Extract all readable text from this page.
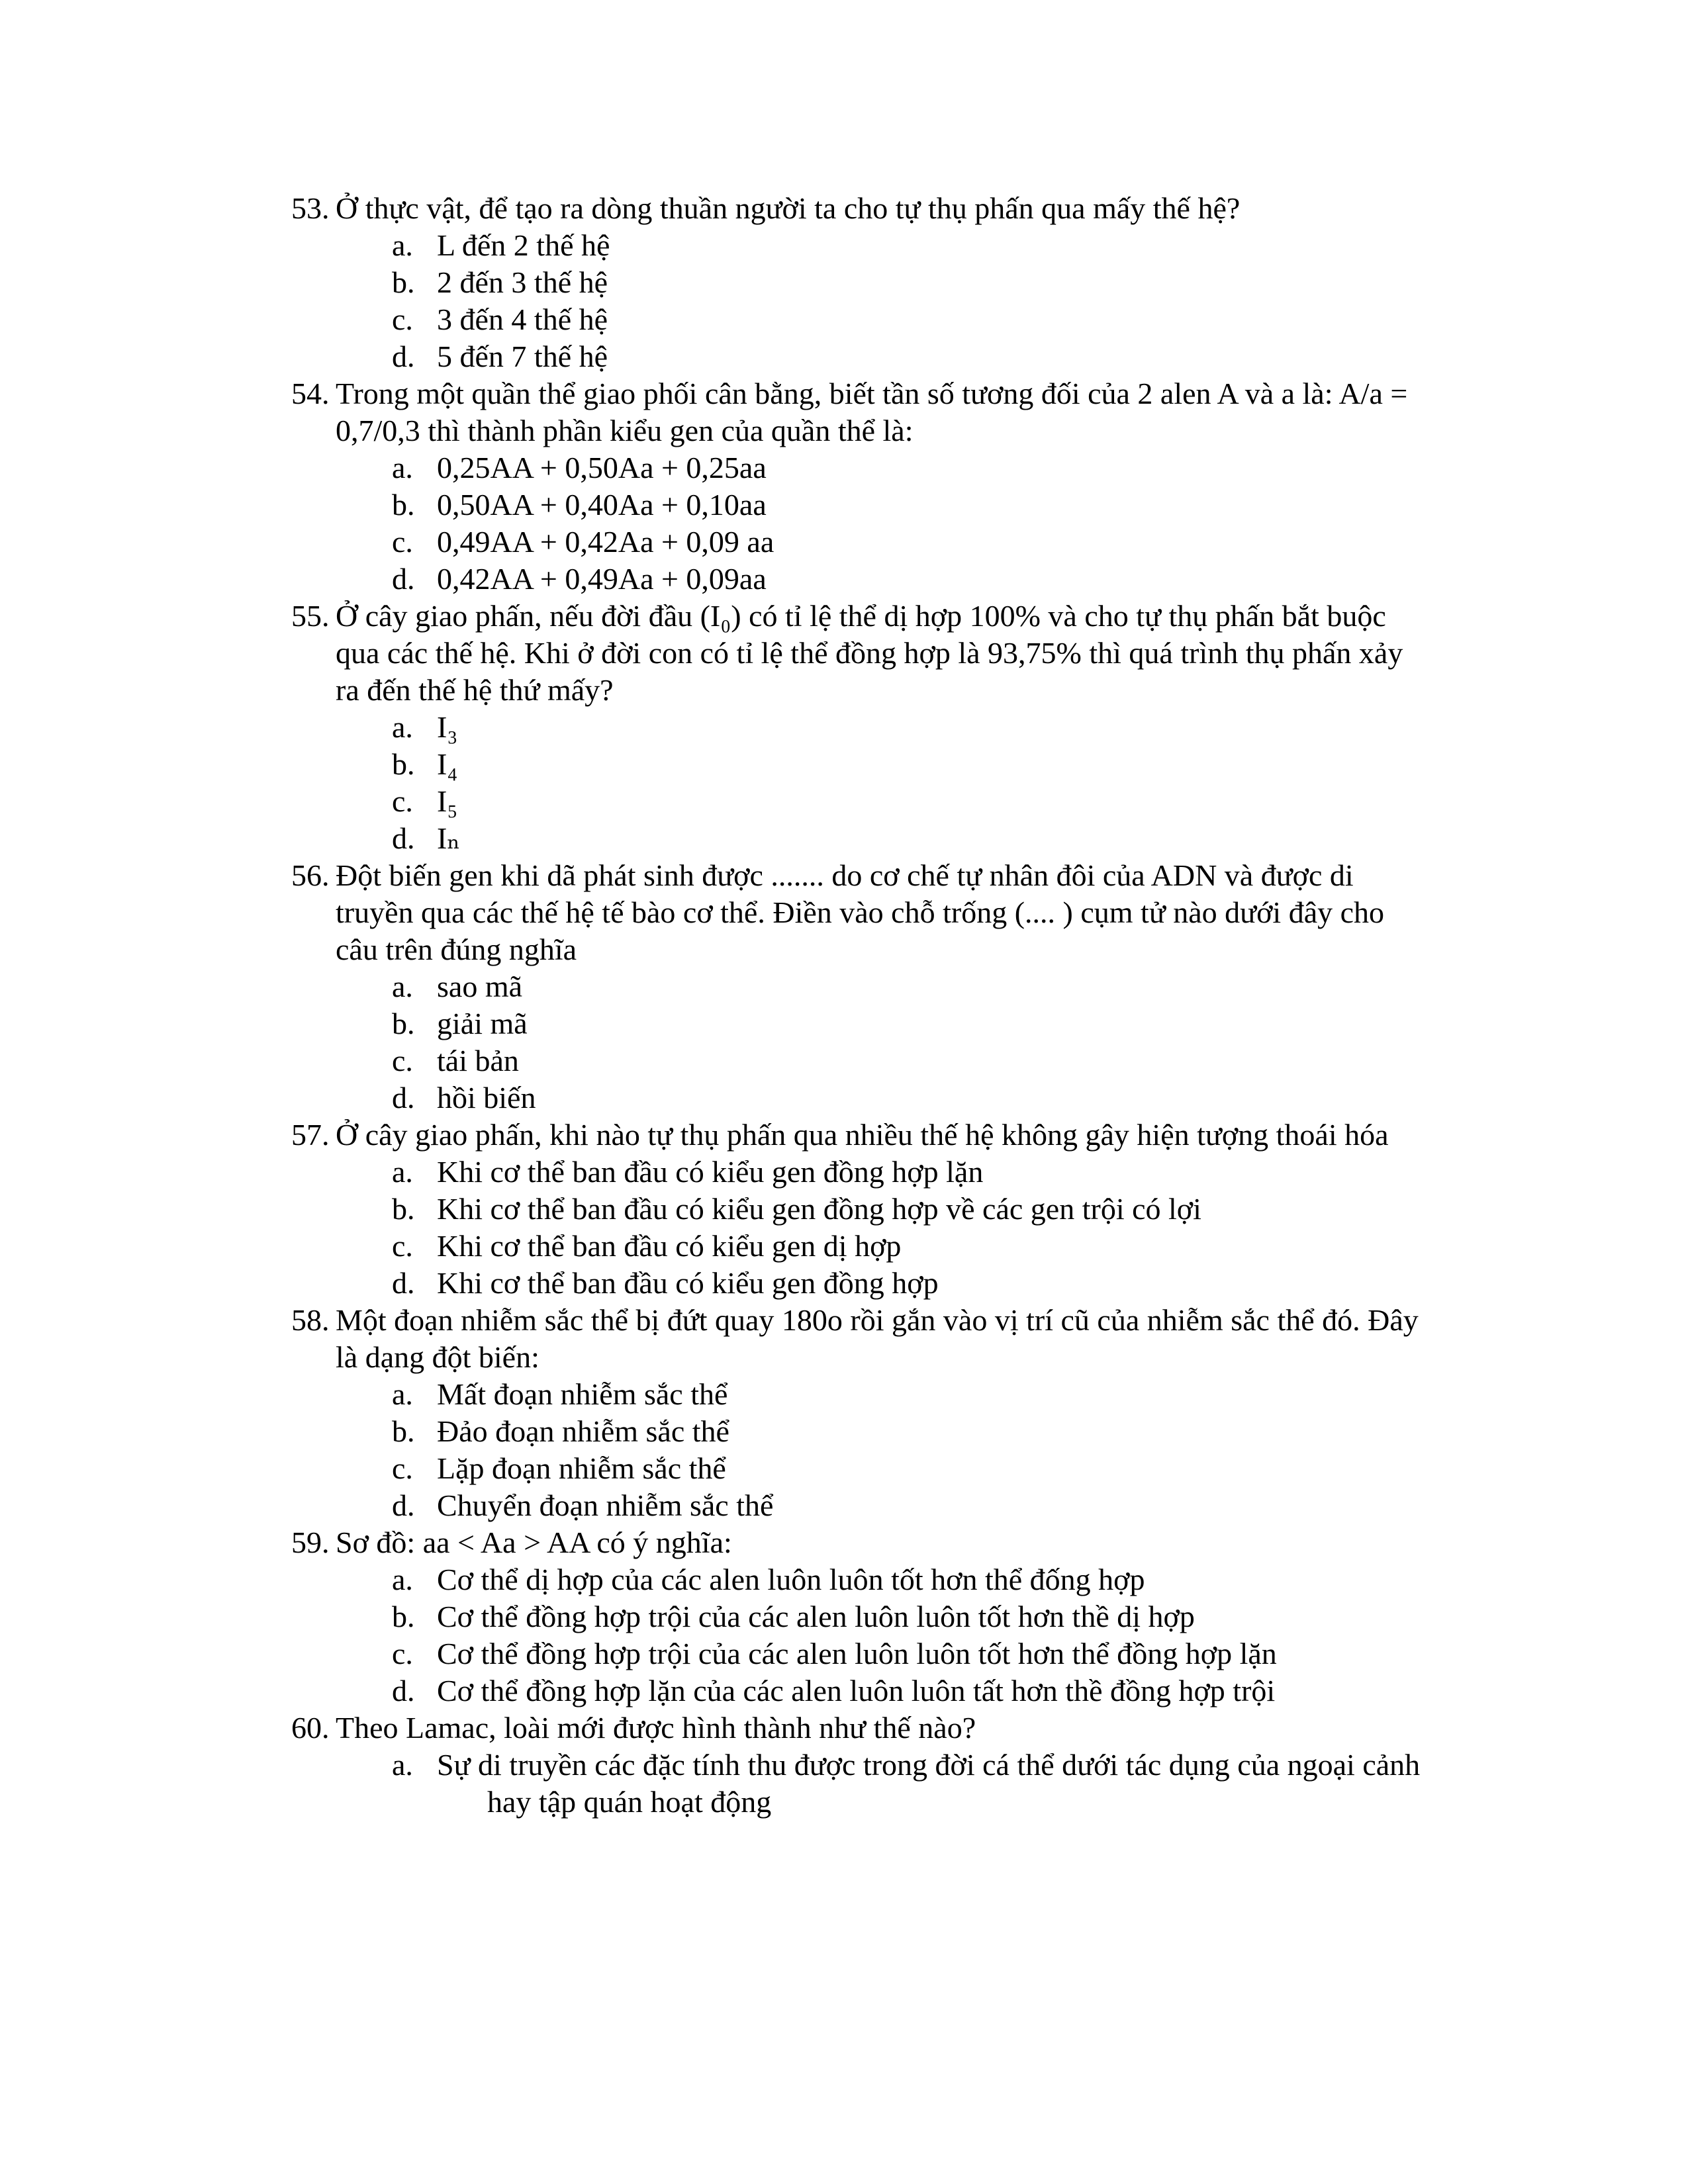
53. Ở thực vật, để tạo ra dòng thuần người ta cho tự thụ phấn qua mấy thế hệ?
a. L đến 2 thế hệ
b. 2 đến 3 thế hệ
c. 3 đến 4 thế hệ
d. 5 đến 7 thế hệ
54. Trong một quần thể giao phối cân bằng, biết tần số tương đối của 2 alen A và a là: A/a = 0,7/0,3 thì thành phần kiểu gen của quần thể là:
a. 0,25AA + 0,50Aa + 0,25aa
b. 0,50AA + 0,40Aa + 0,10aa
c. 0,49AA + 0,42Aa + 0,09 aa
d. 0,42AA + 0,49Aa + 0,09aa
55. Ở cây giao phấn, nếu đời đầu (I₀) có tỉ lệ thể dị hợp 100% và cho tự thụ phấn bắt buộc qua các thế hệ. Khi ở đời con có tỉ lệ thể đồng hợp là 93,75% thì quá trình thụ phấn xảy ra đến thế hệ thứ mấy?
a. I₃
b. I₄
c. I₅
d. Iₙ
56. Đột biến gen khi dã phát sinh được ....... do cơ chế tự nhân đôi của ADN và được di truyền qua các thế hệ tế bào cơ thể. Điền vào chỗ trống (.... ) cụm tử nào dưới đây cho câu trên đúng nghĩa
a. sao mã
b. giải mã
c. tái bản
d. hồi biến
57. Ở cây giao phấn, khi nào tự thụ phấn qua nhiều thế hệ không gây hiện tượng thoái hóa
a. Khi cơ thể ban đầu có kiểu gen đồng hợp lặn
b. Khi cơ thể ban đầu có kiểu gen đồng hợp về các gen trội có lợi
c. Khi cơ thể ban đầu có kiểu gen dị hợp
d. Khi cơ thể ban đầu có kiểu gen đồng hợp
58. Một đoạn nhiễm sắc thể bị đứt quay 180o rồi gắn vào vị trí cũ của nhiễm sắc thể đó. Đây là dạng đột biến:
a. Mất đoạn nhiễm sắc thể
b. Đảo đoạn nhiễm sắc thể
c. Lặp đoạn nhiễm sắc thể
d. Chuyển đoạn nhiễm sắc thể
59. Sơ đồ: aa < Aa > AA có ý nghĩa:
a. Cơ thể dị hợp của các alen luôn luôn tốt hơn thể đống hợp
b. Cơ thể đồng hợp trội của các alen luôn luôn tốt hơn thề dị hợp
c. Cơ thể đồng hợp trội của các alen luôn luôn tốt hơn thể đồng hợp lặn
d. Cơ thể đồng hợp lặn của các alen luôn luôn tất hơn thề đồng hợp trội
60. Theo Lamac, loài mới được hình thành như thế nào?
a. Sự di truyền các đặc tính thu được trong đời cá thể dưới tác dụng của ngoại cảnh hay tập quán hoạt động
